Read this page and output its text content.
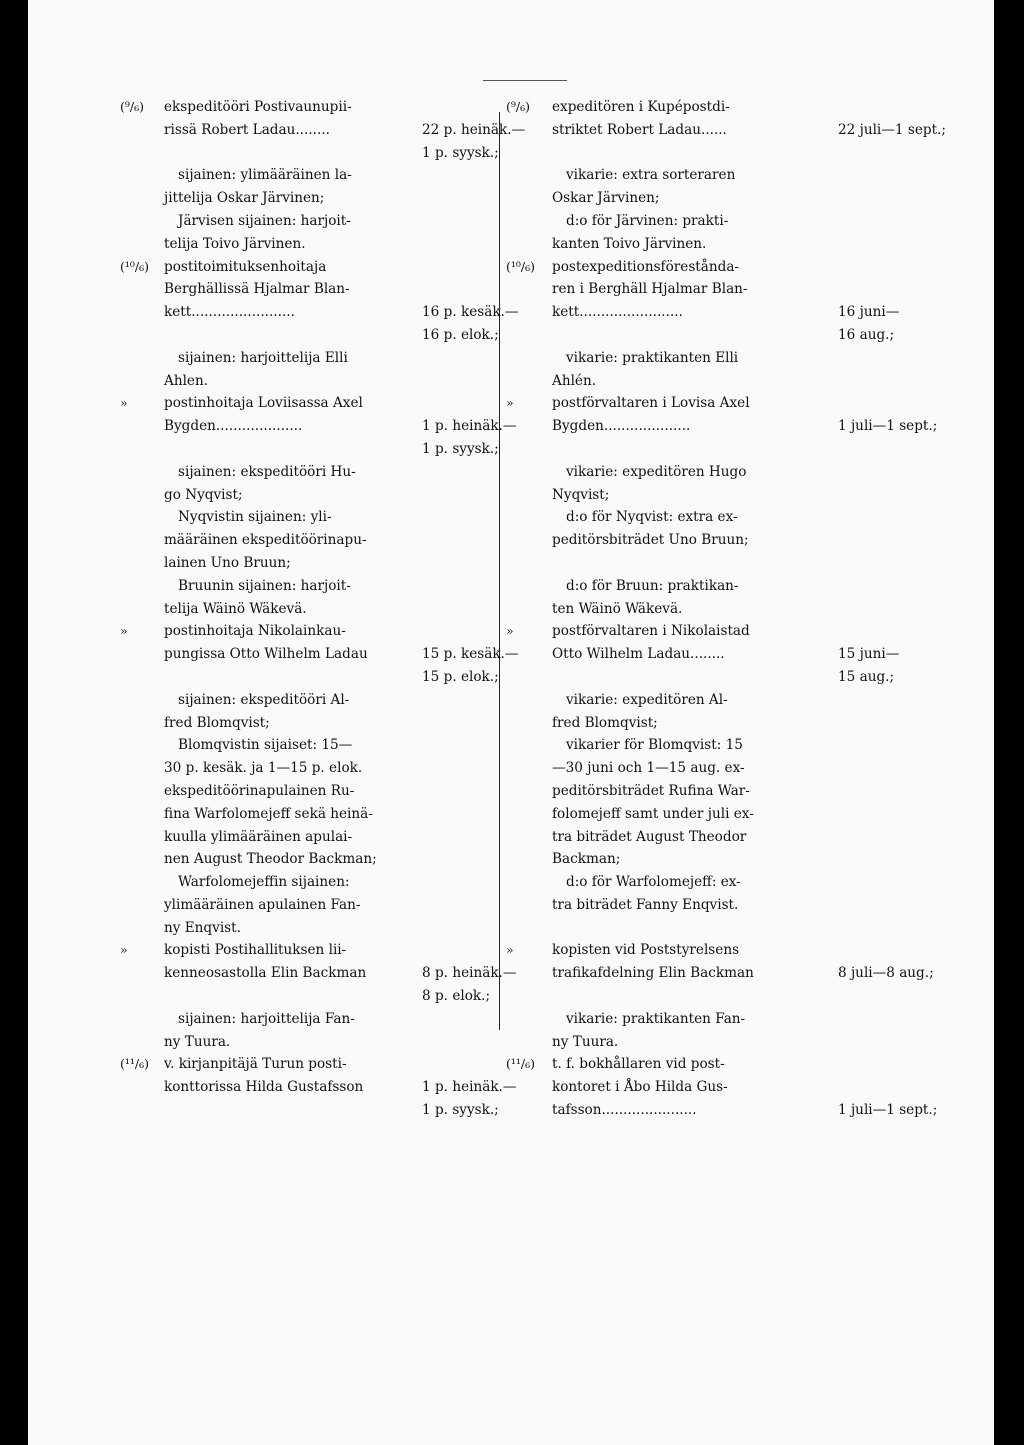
(⁹/₆) ekspeditööri Postivaunupii-
rissä Robert Ladau........	22 p. heinäk.—
1 p. syysk.;
sijainen: ylimääräinen la-
jittelija Oskar Järvinen;
Järvisen sijainen: harjoit-
telija Toivo Järvinen.
(¹⁰/₆) postitoimituksenhoitaja
Berghällissä Hjalmar Blan-
kett........................	16 p. kesäk.—
16 p. elok.;
sijainen: harjoittelija Elli
Ahlen.
»	postinhoitaja Loviisassa Axel
Bygden....................	1 p. heinäk.—
1 p. syysk.;
sijainen: ekspeditööri Hu-
go Nyqvist;
Nyqvistin sijainen: yli-
määräinen ekspeditöörinapu-
lainen Uno Bruun;
Bruunin sijainen: harjoit-
telija Wäinö Wäkevä.
»	postinhoitaja Nikolainkau-
pungissa Otto Wilhelm Ladau	15 p. kesäk.—
15 p. elok.;
sijainen: ekspeditööri Al-
fred Blomqvist;
Blomqvistin sijaiset: 15—
30 p. kesäk. ja 1—15 p. elok.
ekspeditöörinapulainen Ru-
fina Warfolomejeff sekä heinä-
kuulla ylimääräinen apulai-
nen August Theodor Backman;
Warfolomejeffin sijainen:
ylimääräinen apulainen Fan-
ny Enqvist.
»	kopisti Postihallituksen lii-
kenneosastolla Elin Backman	8 p. heinäk.—
8 p. elok.;
sijainen: harjoittelija Fan-
ny Tuura.
(¹¹/₆) v. kirjanpitäjä Turun posti-
konttorissa Hilda Gustafsson	1 p. heinäk.—
1 p. syysk.;
(⁹/₆) expeditören i Kupépostdi-
striktet Robert Ladau......	22 juli—1 sept.;
vikarie: extra sorteraren
Oskar Järvinen;
d:o för Järvinen: prakti-
kanten Toivo Järvinen.
(¹⁰/₆) postexpeditionsförestånda-
ren i Berghäll Hjalmar Blan-
kett........................	16 juni—
16 aug.;
vikarie: praktikanten Elli
Ahlén.
»	postförvaltaren i Lovisa Axel
Bygden....................	1 juli—1 sept.;
vikarie: expeditören Hugo
Nyqvist;
d:o för Nyqvist: extra ex-
peditörsbiträdet Uno Bruun;
d:o för Bruun: praktikan-
ten Wäinö Wäkevä.
»	postförvaltaren i Nikolaistad
Otto Wilhelm Ladau........	15 juni—
15 aug.;
vikarie: expeditören Al-
fred Blomqvist;
vikarier för Blomqvist: 15
—30 juni och 1—15 aug. ex-
peditörsbiträdet Rufina War-
folomejeff samt under juli ex-
tra biträdet August Theodor
Backman;
d:o för Warfolomejeff: ex-
tra biträdet Fanny Enqvist.
»	kopisten vid Poststyrelsens
trafikafdelning Elin Backman	8 juli—8 aug.;
vikarie: praktikanten Fan-
ny Tuura.
(¹¹/₆) t. f. bokhållaren vid post-
kontoret i Åbo Hilda Gus-
tafsson......................	1 juli—1 sept.;
